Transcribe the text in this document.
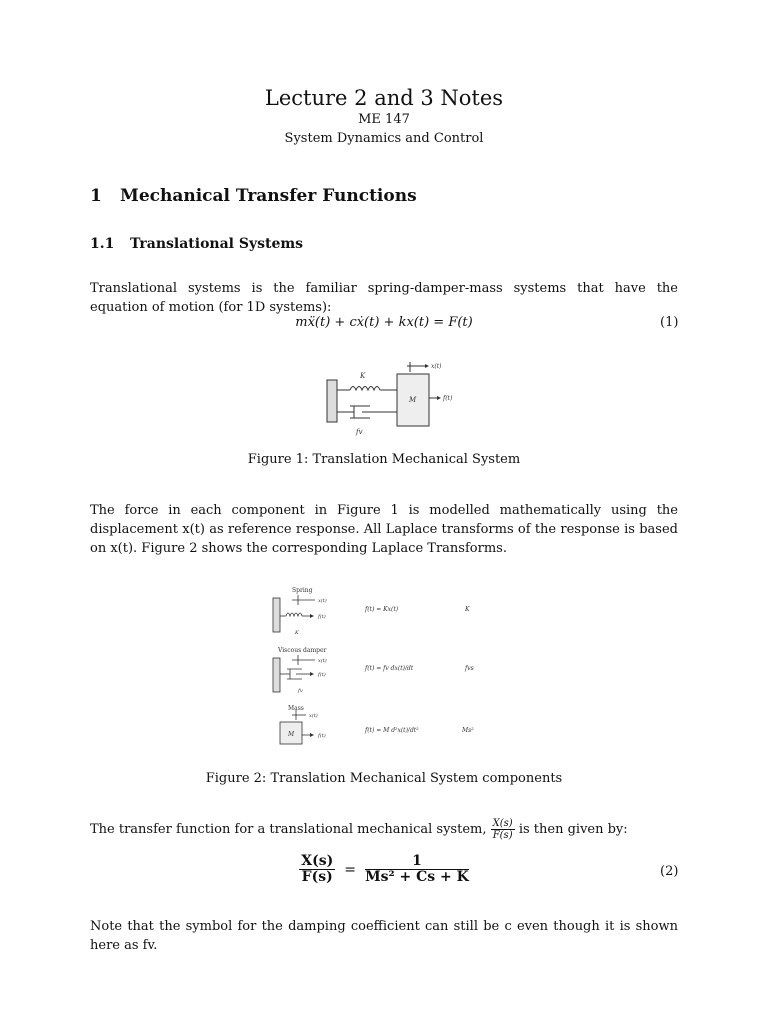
Lecture 2 and 3 Notes
ME 147
System Dynamics and Control
1 Mechanical Transfer Functions
1.1 Translational Systems
Translational systems is the familiar spring-damper-mass systems that have the equation of motion (for 1D systems):
mẍ(t) + cẋ(t) + kx(t) = F(t)	(1)
M
x(t)
f(t)
K
fv
Figure 1: Translation Mechanical System
The force in each component in Figure 1 is modelled mathematically using the displacement x(t) as reference response. All Laplace transforms of the response is based on x(t). Figure 2 shows the corresponding Laplace Transforms.
Spring
x(t)
f(t)
K
f(t) = Kx(t)	K
Viscous damper
x(t)
f(t)
fv
f(t) = fv dx(t)/dt	fvs
Mass
M
x(t)
f(t)
f(t) = M d²x(t)/dt²	Ms²
Figure 2: Translation Mechanical System components
The transfer function for a translational mechanical system, $\frac{X(s)}{F(s)}$ is then given by:
$\frac{X(s)}{F(s)} = \frac{1}{\text{Ms² + Cs + K}}$	(2)
Note that the symbol for the damping coefficient can still be c even though it is shown here as fv.
